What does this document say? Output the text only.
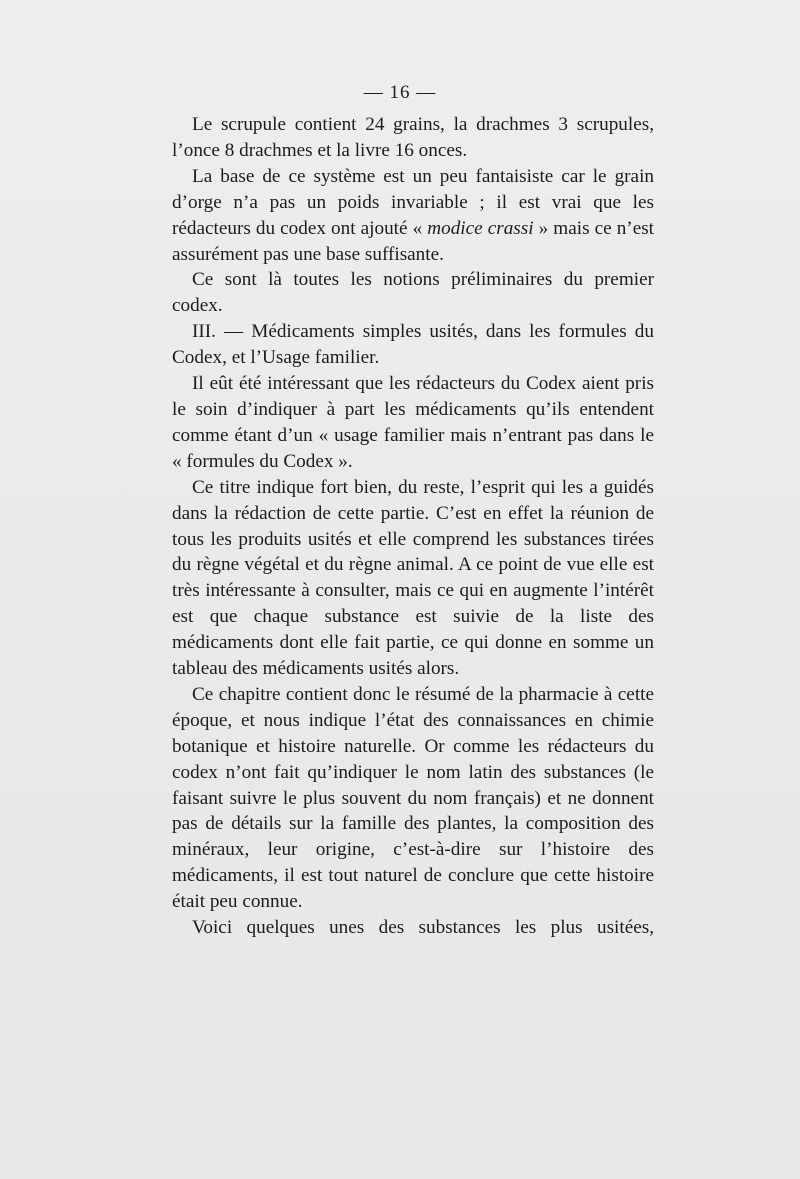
— 16 —

Le scrupule contient 24 grains, la drachmes 3 scrupules, l’once 8 drachmes et la livre 16 onces.

La base de ce système est un peu fantaisiste car le grain d’orge n’a pas un poids invariable ; il est vrai que les rédacteurs du codex ont ajouté « modice crassi » mais ce n’est assurément pas une base suffisante.

Ce sont là toutes les notions préliminaires du premier codex.

III. — Médicaments simples usités, dans les formules du Codex, et l’Usage familier.

Il eût été intéressant que les rédacteurs du Codex aient pris le soin d’indiquer à part les médicaments qu’ils entendent comme étant d’un « usage familier mais n’entrant pas dans le « formules du Codex ».

Ce titre indique fort bien, du reste, l’esprit qui les a guidés dans la rédaction de cette partie. C’est en effet la réunion de tous les produits usités et elle comprend les substances tirées du règne végétal et du règne animal. A ce point de vue elle est très intéressante à consulter, mais ce qui en augmente l’intérêt est que chaque substance est suivie de la liste des médicaments dont elle fait partie, ce qui donne en somme un tableau des médicaments usités alors.

Ce chapitre contient donc le résumé de la pharmacie à cette époque, et nous indique l’état des connaissances en chimie botanique et histoire naturelle. Or comme les rédacteurs du codex n’ont fait qu’indiquer le nom latin des substances (le faisant suivre le plus souvent du nom français) et ne donnent pas de détails sur la famille des plantes, la composition des minéraux, leur origine, c’est-à-dire sur l’histoire des médicaments, il est tout naturel de conclure que cette histoire était peu connue.

Voici quelques unes des substances les plus usitées,
